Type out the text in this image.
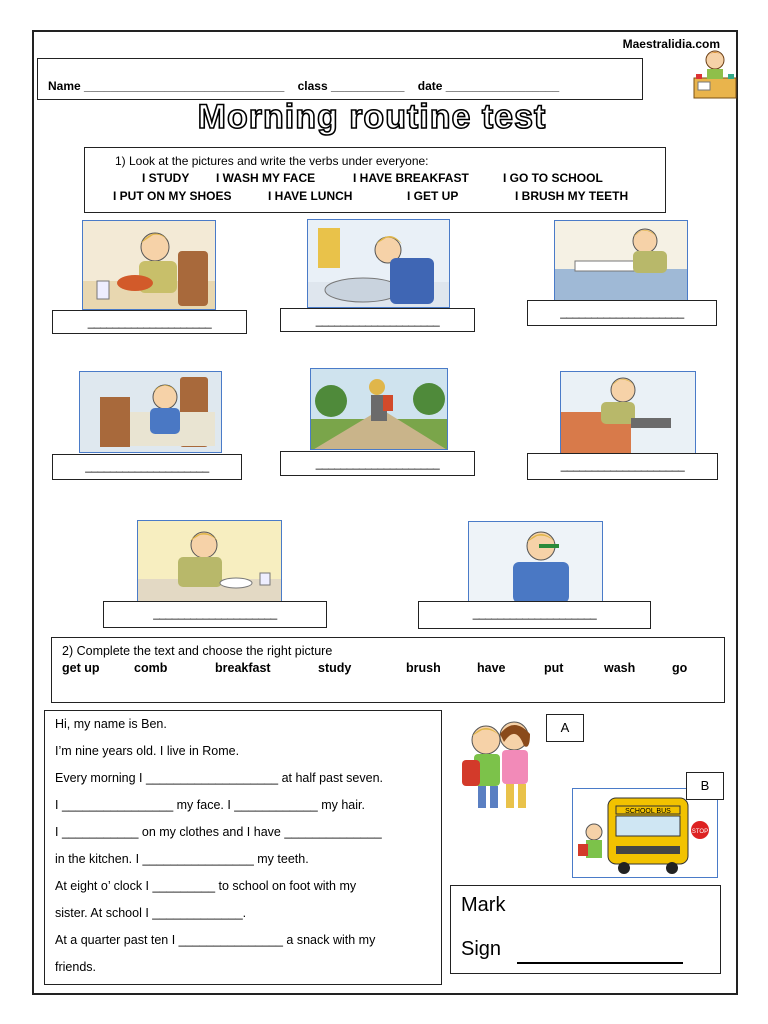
Maestralidia.com
Name ______________________________ class ___________ date _________________
Morning routine test
1) Look at the pictures and write the verbs under everyone:
I STUDY I WASH MY FACE	I HAVE BREAKFAST	I GO TO SCHOOL
I PUT ON MY SHOES	I HAVE LUNCH	I GET UP	I BRUSH MY TEETH
____________________	____________________
____________________
____________________	____________________	____________________
____________________	____________________
2) Complete the text and choose the right picture
get up	comb	breakfast	study	brush	have	put	wash	go
Hi, my name is Ben.
I’m nine years old. I live in Rome.
Every morning I ___________________ at half past seven.
I ________________ my face. I ____________ my hair.
I ___________ on my clothes and I have ______________
in the kitchen. I ________________ my teeth.
At eight o’ clock I _________ to school on foot with my
sister. At school I _____________.
At a quarter past ten I _______________ a snack with my
friends.
A
SCHOOL BUS
STOP
B
Mark
Sign
